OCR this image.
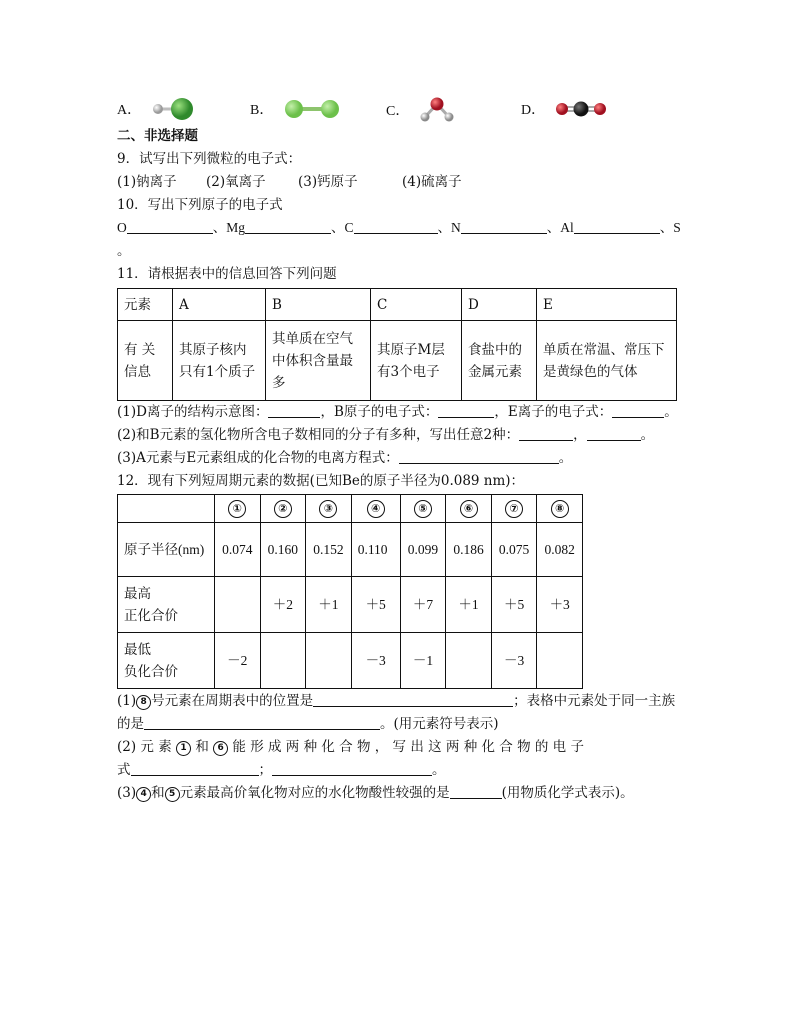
A．	B．	C．	D．
二、非选择题
9．试写出下列微粒的电子式：
(1)钠离子 (2)氧离子 (3)钙原子	(4)硫离子
10．写出下列原子的电子式
O	、Mg	、C	、N	、Al	、S
。
11．请根据表中的信息回答下列问题
元素	A	B	C	D	E
有 关 信息	其原子核内只有1个质子	其单质在空气中体积含量最多	其原子M层有3个电子	食盐中的金属元素	单质在常温、常压下是黄绿色的气体
(1)D离子的结构示意图：	，B原子的电子式：	，E离子的电子式：	。
(2)和B元素的氢化物所含电子数相同的分子有多种，写出任意2种：	，	。
(3)A元素与E元素组成的化合物的电离方程式：	。
12．现有下列短周期元素的数据(已知Be的原子半径为0.089 nm)：
	①	②	③	④	⑤	⑥	⑦	⑧
原子半径(nm)	0.074	0.160	0.152	0.110	0.099	0.186	0.075	0.082
最高
正化合价		＋2	＋1	＋5	＋7	＋1	＋5	＋3
最低
负化合价	－2			－3	－1		－3	
(1) 8 号元素在周期表中的位置是	；表格中元素处于同一主族
的是	。(用元素符号表示)
(2) 元 素 1 和 6 能 形 成 两 种 化 合 物 ， 写 出 这 两 种 化 合 物 的 电 子
式	；	。
(3) 4 和 5 元素最高价氧化物对应的水化物酸性较强的是	(用物质化学式表示)。
